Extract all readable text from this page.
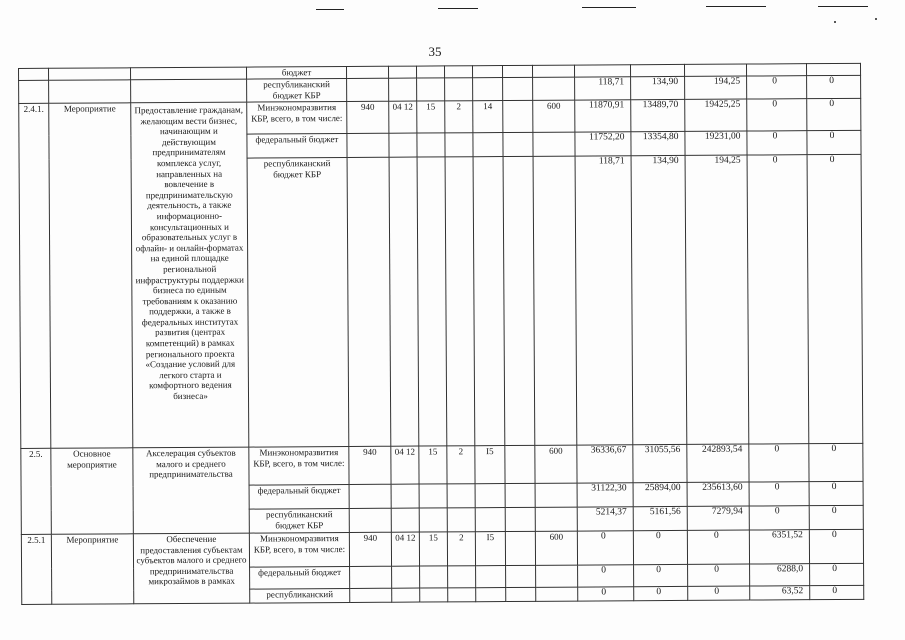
35
			бюджет												
			республиканский бюджет КБР								118,71	134,90	194,25	0	0
2.4.1.	Мероприятие	Предоставление гражданам, желающим вести бизнес, начинающим и действующим предпринимателям комплекса услуг, направленных на вовлечение в предпринимательскую деятельность, а также информационно-консультационных и образовательных услуг в офлайн- и онлайн-форматах на единой площадке региональной инфраструктуры поддержки бизнеса по единым требованиям к оказанию поддержки, а также в федеральных институтах развития (центрах компетенций) в рамках регионального проекта «Создание условий для легкого старта и комфортного ведения бизнеса»	Минэкономразвития КБР, всего, в том числе:	940	04 12	15	2	14		600	11870,91	13489,70	19425,25	0	0
			федеральный бюджет								11752,20	13354,80	19231,00	0	0
			республиканский бюджет КБР								118,71	134,90	194,25	0	0
2.5.	Основное мероприятие	Акселерация субъектов малого и среднего предпринимательства	Минэкономразвития КБР, всего, в том числе:	940	04 12	15	2	I5		600	36336,67	31055,56	242893,54	0	0
			федеральный бюджет								31122,30	25894,00	235613,60	0	0
			республиканский бюджет КБР								5214,37	5161,56	7279,94	0	0
2.5.1	Мероприятие	Обеспечение предоставления субъектам субъектов малого и среднего предпринимательства микрозаймов в рамках	Минэкономразвития КБР, всего, в том числе:	940	04 12	15	2	I5		600	0	0	0	6351,52	0
			федеральный бюджет								0	0	0	6288,0	0
			республиканский								0	0	0	63,52	0
